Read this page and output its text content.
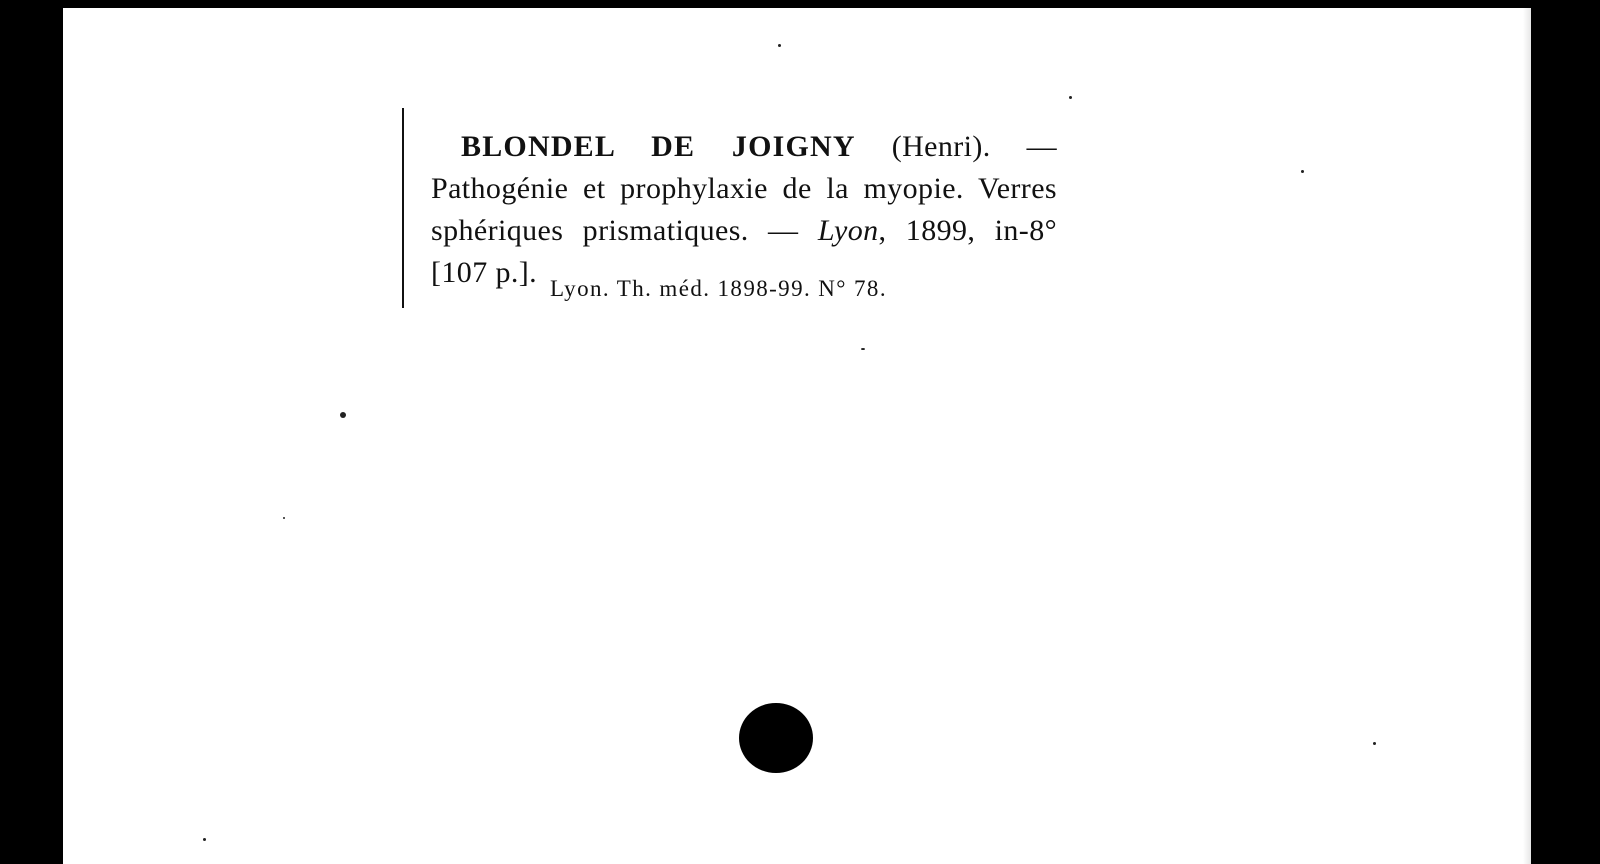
BLONDEL DE JOIGNY (Henri). — Pathogénie et prophylaxie de la myopie. Verres sphériques prismatiques. — Lyon, 1899, in-8° [107 p.]. Lyon. Th. méd. 1898-99. N° 78.
